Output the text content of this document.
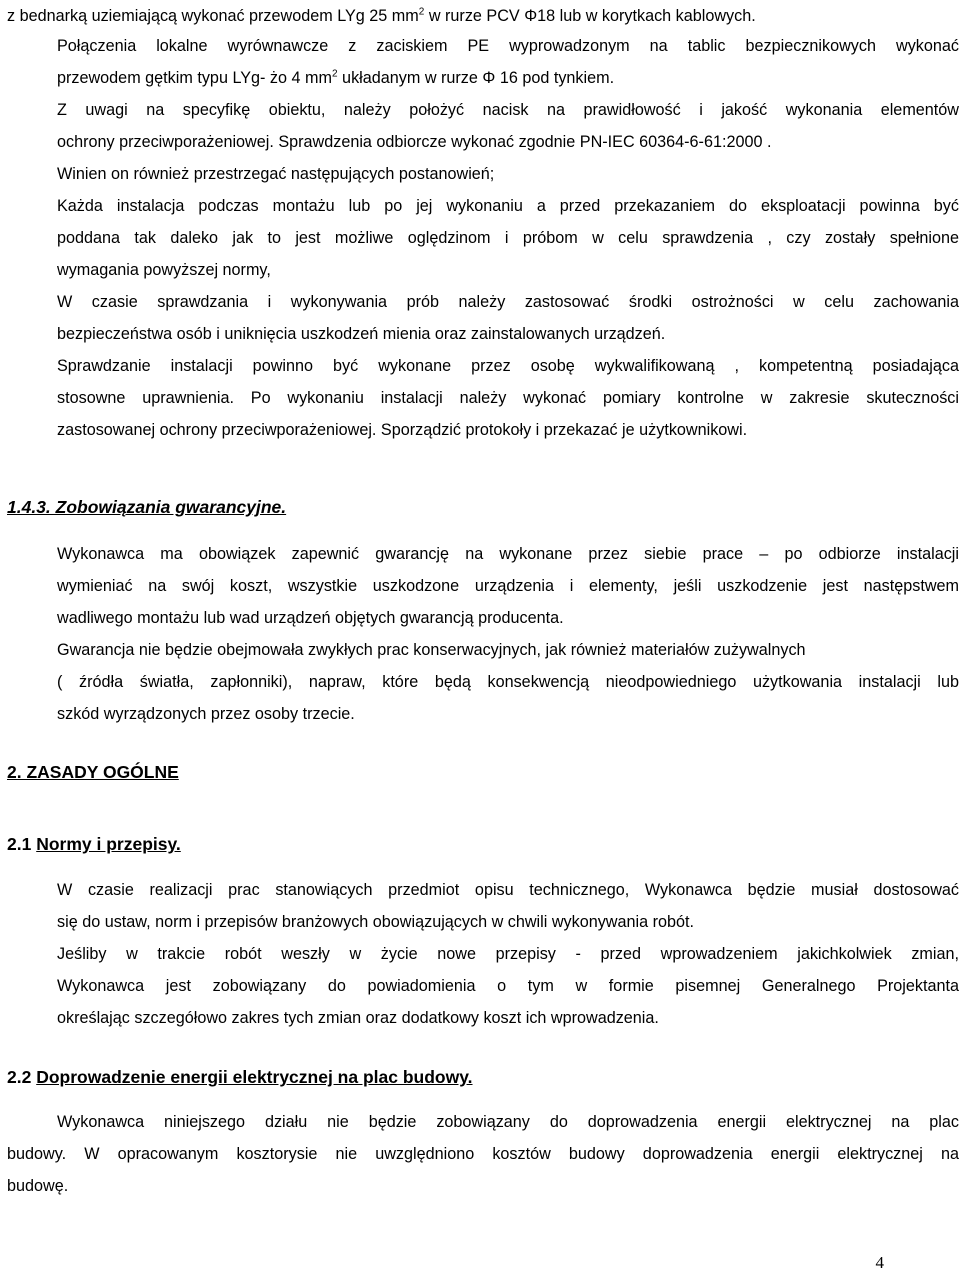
z bednarką uziemiającą wykonać przewodem LYg 25 $mm^2$ w rurze PCV Φ18 lub w korytkach kablowych.
Połączenia lokalne wyrównawcze z zaciskiem PE wyprowadzonym na tablic bezpiecznikowych wykonać
przewodem gętkim typu LYg- żo 4 $mm^2$ układanym w rurze Φ 16 pod tynkiem.
Z uwagi na specyfikę obiektu, należy położyć nacisk na prawidłowość i jakość wykonania elementów
ochrony przeciwporażeniowej. Sprawdzenia odbiorcze wykonać zgodnie PN-IEC 60364-6-61:2000 .
Winien on również przestrzegać następujących postanowień;
Każda instalacja podczas montażu lub po jej wykonaniu a przed przekazaniem do eksploatacji powinna być
poddana tak daleko jak to jest możliwe oględzinom i próbom w celu sprawdzenia , czy zostały spełnione
wymagania powyższej normy,
W czasie sprawdzania i wykonywania prób należy zastosować środki ostrożności w celu zachowania
bezpieczeństwa osób i uniknięcia uszkodzeń mienia oraz zainstalowanych urządzeń.
Sprawdzanie instalacji powinno być wykonane przez osobę wykwalifikowaną , kompetentną posiadająca
stosowne uprawnienia. Po wykonaniu instalacji należy wykonać pomiary kontrolne w zakresie skuteczności
zastosowanej ochrony przeciwporażeniowej. Sporządzić protokoły i przekazać je użytkownikowi.
1.4.3. Zobowiązania gwarancyjne.
Wykonawca ma obowiązek zapewnić gwarancję na wykonane przez siebie prace – po odbiorze instalacji
wymieniać na swój koszt, wszystkie uszkodzone urządzenia i elementy, jeśli uszkodzenie jest następstwem
wadliwego montażu lub wad urządzeń objętych gwarancją producenta.
Gwarancja nie będzie obejmowała zwykłych prac konserwacyjnych, jak również materiałów zużywalnych
( źródła światła, zapłonniki), napraw, które będą konsekwencją nieodpowiedniego użytkowania instalacji lub
szkód wyrządzonych przez osoby trzecie.
2. ZASADY OGÓLNE
2.1 Normy i przepisy.
W czasie realizacji prac stanowiących przedmiot opisu technicznego, Wykonawca będzie musiał dostosować
się do ustaw, norm i przepisów branżowych obowiązujących w chwili wykonywania robót.
Jeśliby w trakcie robót weszły w życie nowe przepisy - przed wprowadzeniem jakichkolwiek zmian,
Wykonawca jest zobowiązany do powiadomienia o tym w formie pisemnej Generalnego Projektanta
określając szczegółowo zakres tych zmian oraz dodatkowy koszt ich wprowadzenia.
2.2 Doprowadzenie energii elektrycznej na plac budowy.
Wykonawca niniejszego działu nie będzie zobowiązany do doprowadzenia energii elektrycznej na plac
budowy. W opracowanym kosztorysie nie uwzględniono kosztów budowy doprowadzenia energii elektrycznej na
budowę.
4
